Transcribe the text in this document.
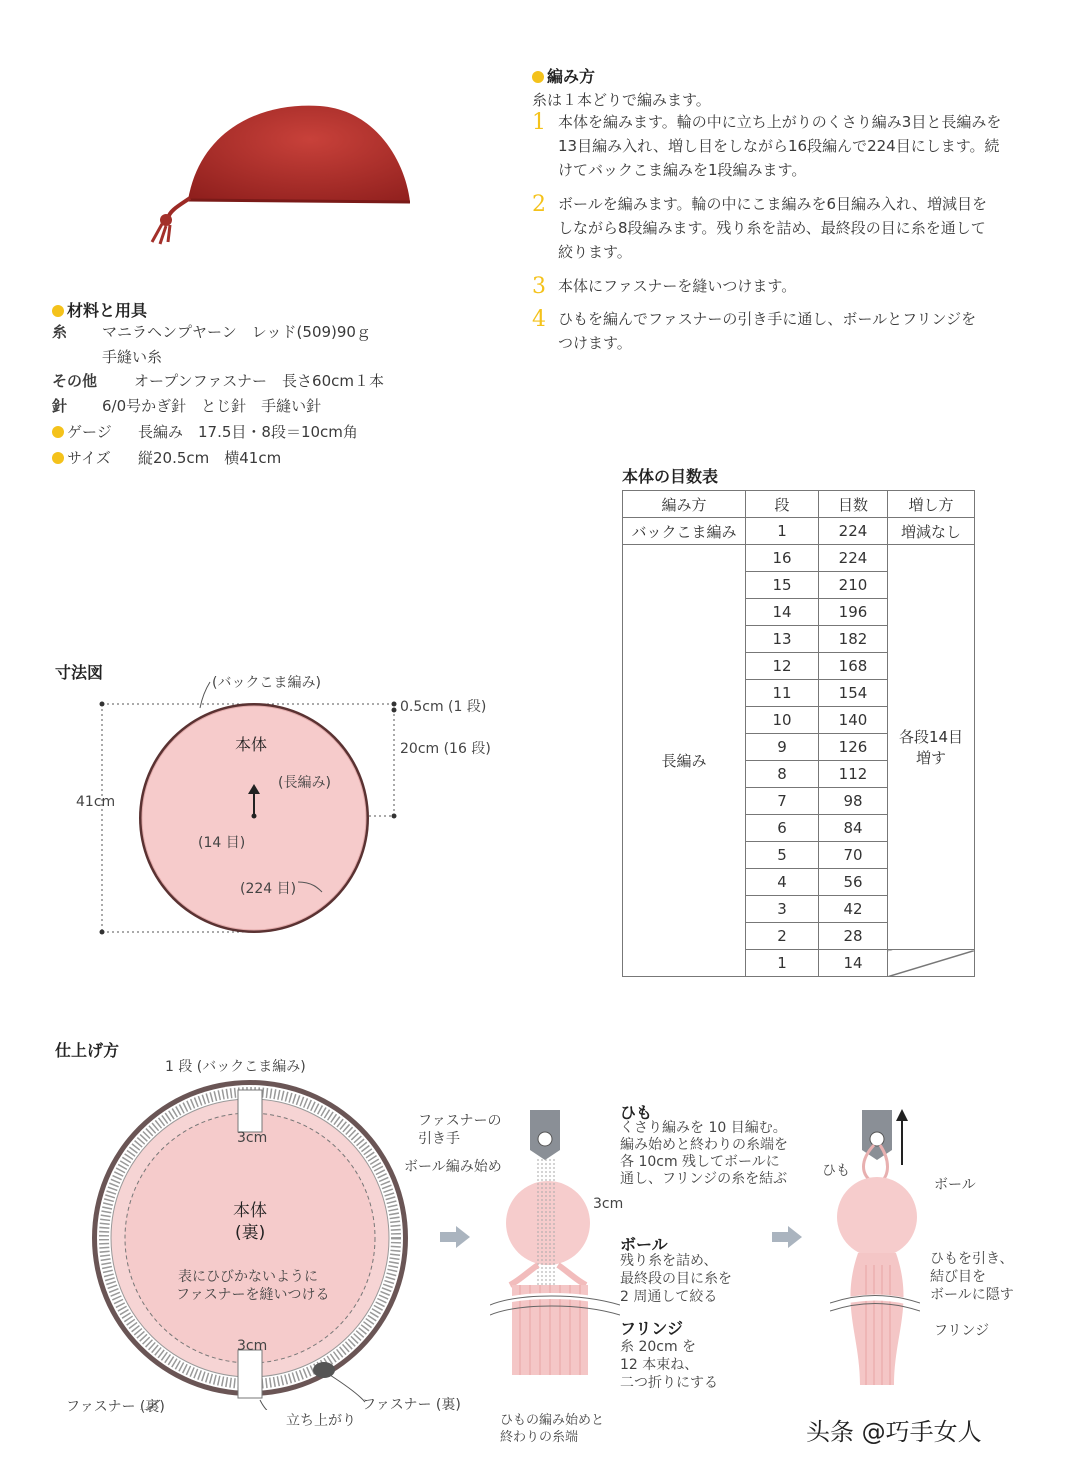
編み方
糸は１本どりで編みます。
1 本体を編みます。輪の中に立ち上がりのくさり編み3目と長編みを
13目編み入れ、増し目をしながら16段編んで224目にします。続
けてバックこま編みを1段編みます。
2 ボールを編みます。輪の中にこま編みを6目編み入れ、増減目を
しながら8段編みます。残り糸を詰め、最終段の目に糸を通して
絞ります。
3 本体にファスナーを縫いつけます。
4 ひもを編んでファスナーの引き手に通し、ボールとフリンジを
つけます。
材料と用具
糸 マニラヘンプヤーン　レッド(509)90ｇ
手縫い糸
その他 オープンファスナー　長さ60cm１本
針 6/0号かぎ針　とじ針　手縫い針
ゲージ 長編み　17.5目・8段＝10cm角
サイズ 縦20.5cm　横41cm
本体の目数表
編み方	段	目数	増し方
バックこま編み	1	224	増減なし
長編み	16	224	各段14目
増す
	15	210	
	14	196	
	13	182	
	12	168	
	11	154	
	10	140	
	9	126	
	8	112	
	7	98	
	6	84	
	5	70	
	4	56	
	3	42	
	2	28	
	1	14	
寸法図
(バックこま編み)
0.5cm (1 段)
20cm (16 段)
41cm
本体
(長編み)
(14 目)
(224 目)
仕上げ方
1 段 (バックこま編み)
3cm
本体
(裏)
表にひびかないように
ファスナーを縫いつける
3cm
ファスナー (裏)	ファスナー (裏)
立ち上がり
ファスナーの
引き手
ボール編み始め
ひも
くさり編みを 10 目編む。
編み始めと終わりの糸端を
各 10cm 残してボールに
通し、フリンジの糸を結ぶ
3cm
ボール
残り糸を詰め、
最終段の目に糸を
2 周通して絞る
フリンジ
糸 20cm を
12 本束ね、
二つ折りにする
ひもの編み始めと
終わりの糸端
ひも
ボール
ひもを引き、
結び目を
ボールに隠す
フリンジ
头条 @巧手女人
